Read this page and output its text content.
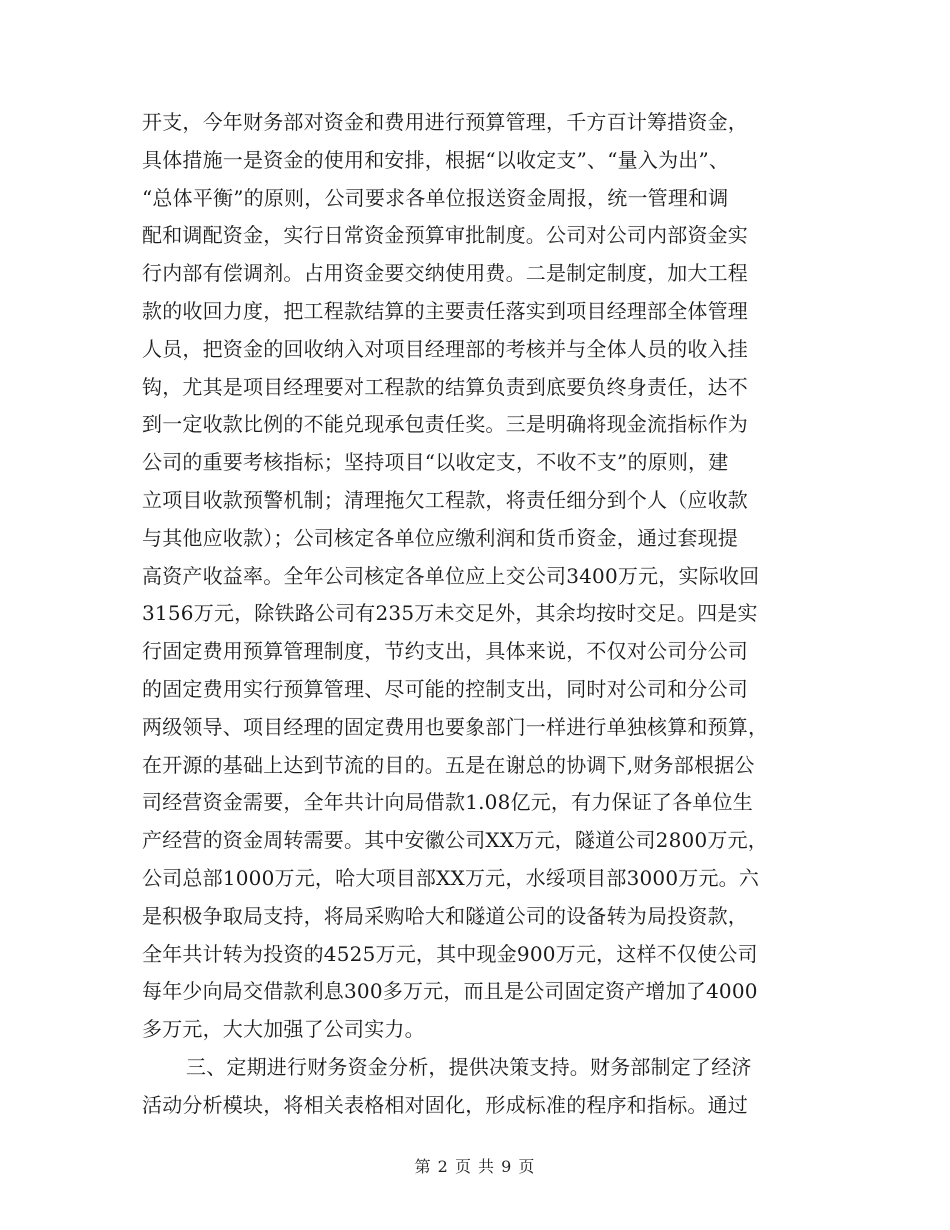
开支，今年财务部对资金和费用进行预算管理，千方百计筹措资金，
具体措施一是资金的使用和安排，根据“以收定支”、“量入为出”、
“总体平衡”的原则，公司要求各单位报送资金周报，统一管理和调
配和调配资金，实行日常资金预算审批制度。公司对公司内部资金实
行内部有偿调剂。占用资金要交纳使用费。二是制定制度，加大工程
款的收回力度，把工程款结算的主要责任落实到项目经理部全体管理
人员，把资金的回收纳入对项目经理部的考核并与全体人员的收入挂
钩，尤其是项目经理要对工程款的结算负责到底要负终身责任，达不
到一定收款比例的不能兑现承包责任奖。三是明确将现金流指标作为
公司的重要考核指标；坚持项目“以收定支，不收不支”的原则，建
立项目收款预警机制；清理拖欠工程款，将责任细分到个人（应收款
与其他应收款）；公司核定各单位应缴利润和货币资金，通过套现提
高资产收益率。全年公司核定各单位应上交公司3400万元，实际收回
3156万元，除铁路公司有235万未交足外，其余均按时交足。四是实
行固定费用预算管理制度，节约支出，具体来说，不仅对公司分公司
的固定费用实行预算管理、尽可能的控制支出，同时对公司和分公司
两级领导、项目经理的固定费用也要象部门一样进行单独核算和预算，
在开源的基础上达到节流的目的。五是在谢总的协调下,财务部根据公
司经营资金需要，全年共计向局借款1.08亿元，有力保证了各单位生
产经营的资金周转需要。其中安徽公司XX万元，隧道公司2800万元，
公司总部1000万元，哈大项目部XX万元，水绥项目部3000万元。六
是积极争取局支持，将局采购哈大和隧道公司的设备转为局投资款，
全年共计转为投资的4525万元，其中现金900万元，这样不仅使公司
每年少向局交借款利息300多万元，而且是公司固定资产增加了4000
多万元，大大加强了公司实力。
三、定期进行财务资金分析，提供决策支持。财务部制定了经济
活动分析模块，将相关表格相对固化，形成标准的程序和指标。通过
第 2 页 共 9 页
